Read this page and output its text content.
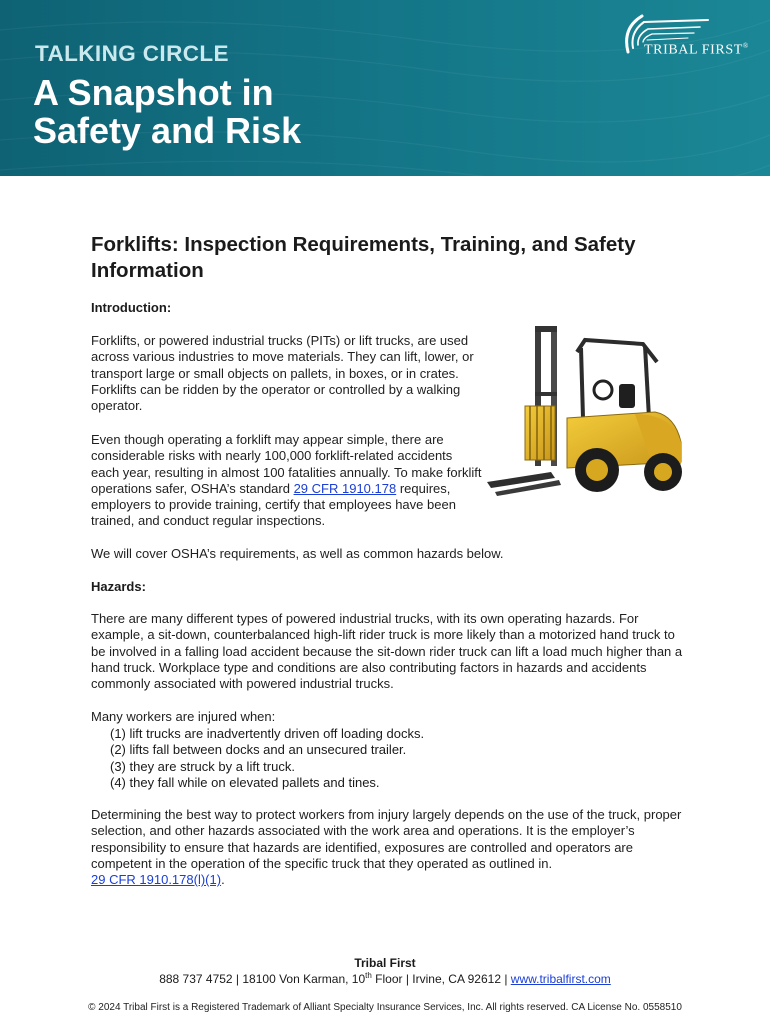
TALKING CIRCLE
A Snapshot in
Safety and Risk
TRIBAL FIRST®
Forklifts: Inspection Requirements, Training, and Safety Information
Introduction:
Forklifts, or powered industrial trucks (PITs) or lift trucks, are used across various industries to move materials. They can lift, lower, or transport large or small objects on pallets, in boxes, or in crates. Forklifts can be ridden by the operator or controlled by a walking operator.
Even though operating a forklift may appear simple, there are considerable risks with nearly 100,000 forklift-related accidents each year, resulting in almost 100 fatalities annually. To make forklift operations safer, OSHA’s standard 29 CFR 1910.178 requires, employers to provide training, certify that employees have been trained, and conduct regular inspections.
We will cover OSHA’s requirements, as well as common hazards below.
Hazards:
There are many different types of powered industrial trucks, with its own operating hazards. For example, a sit-down, counterbalanced high-lift rider truck is more likely than a motorized hand truck to be involved in a falling load accident because the sit-down rider truck can lift a load much higher than a hand truck. Workplace type and conditions are also contributing factors in hazards and accidents commonly associated with powered industrial trucks.
Many workers are injured when:
(1) lift trucks are inadvertently driven off loading docks.
(2) lifts fall between docks and an unsecured trailer.
(3) they are struck by a lift truck.
(4) they fall while on elevated pallets and tines.
Determining the best way to protect workers from injury largely depends on the use of the truck, proper selection, and other hazards associated with the work area and operations. It is the employer’s responsibility to ensure that hazards are identified, exposures are controlled and operators are competent in the operation of the specific truck that they operated as outlined in.
29 CFR 1910.178(l)(1).
Tribal First
888 737 4752 | 18100 Von Karman, 10th Floor | Irvine, CA 92612 | www.tribalfirst.com
© 2024 Tribal First is a Registered Trademark of Alliant Specialty Insurance Services, Inc. All rights reserved. CA License No. 0558510
